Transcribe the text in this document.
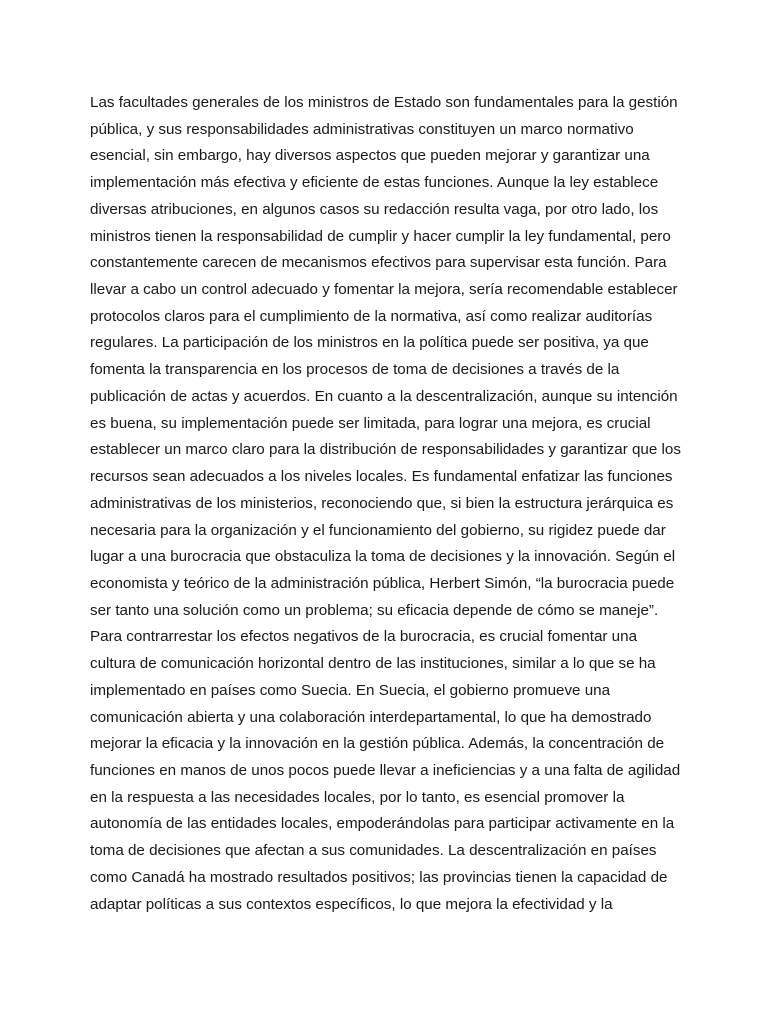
Las facultades generales de los ministros de Estado son fundamentales para la gestión
pública, y sus responsabilidades administrativas constituyen un marco normativo
esencial, sin embargo, hay diversos aspectos que pueden mejorar y garantizar una
implementación más efectiva y eficiente de estas funciones. Aunque la ley establece
diversas atribuciones, en algunos casos su redacción resulta vaga, por otro lado, los
ministros tienen la responsabilidad de cumplir y hacer cumplir la ley fundamental, pero
constantemente carecen de mecanismos efectivos para supervisar esta función. Para
llevar a cabo un control adecuado y fomentar la mejora, sería recomendable establecer
protocolos claros para el cumplimiento de la normativa, así como realizar auditorías
regulares. La participación de los ministros en la política puede ser positiva, ya que
fomenta la transparencia en los procesos de toma de decisiones a través de la
publicación de actas y acuerdos. En cuanto a la descentralización, aunque su intención
es buena, su implementación puede ser limitada, para lograr una mejora, es crucial
establecer un marco claro para la distribución de responsabilidades y garantizar que los
recursos sean adecuados a los niveles locales. Es fundamental enfatizar las funciones
administrativas de los ministerios, reconociendo que, si bien la estructura jerárquica es
necesaria para la organización y el funcionamiento del gobierno, su rigidez puede dar
lugar a una burocracia que obstaculiza la toma de decisiones y la innovación. Según el
economista y teórico de la administración pública, Herbert Simón, “la burocracia puede
ser tanto una solución como un problema; su eficacia depende de cómo se maneje”.
Para contrarrestar los efectos negativos de la burocracia, es crucial fomentar una
cultura de comunicación horizontal dentro de las instituciones, similar a lo que se ha
implementado en países como Suecia. En Suecia, el gobierno promueve una
comunicación abierta y una colaboración interdepartamental, lo que ha demostrado
mejorar la eficacia y la innovación en la gestión pública. Además, la concentración de
funciones en manos de unos pocos puede llevar a ineficiencias y a una falta de agilidad
en la respuesta a las necesidades locales, por lo tanto, es esencial promover la
autonomía de las entidades locales, empoderándolas para participar activamente en la
toma de decisiones que afectan a sus comunidades. La descentralización en países
como Canadá ha mostrado resultados positivos; las provincias tienen la capacidad de
adaptar políticas a sus contextos específicos, lo que mejora la efectividad y la
